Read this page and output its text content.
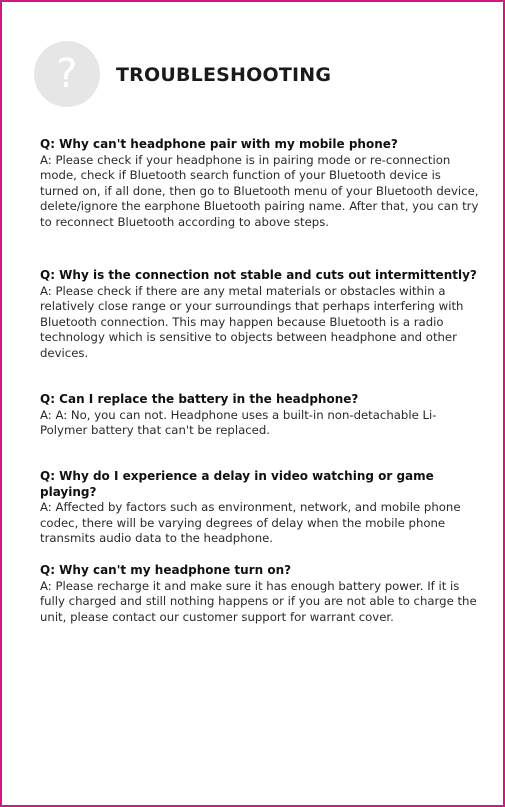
? TROUBLESHOOTING

Q: Why can't headphone pair with my mobile phone?

A: Please check if your headphone is in pairing mode or re-connection mode, check if Bluetooth search function of your Bluetooth device is turned on, if all done, then go to Bluetooth menu of your Bluetooth device, delete/ignore the earphone Bluetooth pairing name. After that, you can try to reconnect Bluetooth according to above steps.

Q: Why is the connection not stable and cuts out intermittently?

A: Please check if there are any metal materials or obstacles within a relatively close range or your surroundings that perhaps interfering with Bluetooth connection. This may happen because Bluetooth is a radio technology which is sensitive to objects between headphone and other devices.

Q: Can I replace the battery in the headphone?

A: A: No, you can not. Headphone uses a built-in non-detachable Li-Polymer battery that can't be replaced.

Q: Why do I experience a delay in video watching or game playing?

A: Affected by factors such as environment, network, and mobile phone codec, there will be varying degrees of delay when the mobile phone transmits audio data to the headphone.

Q: Why can't my headphone turn on?

A: Please recharge it and make sure it has enough battery power. If it is fully charged and still nothing happens or if you are not able to charge the unit, please contact our customer support for warrant cover.
